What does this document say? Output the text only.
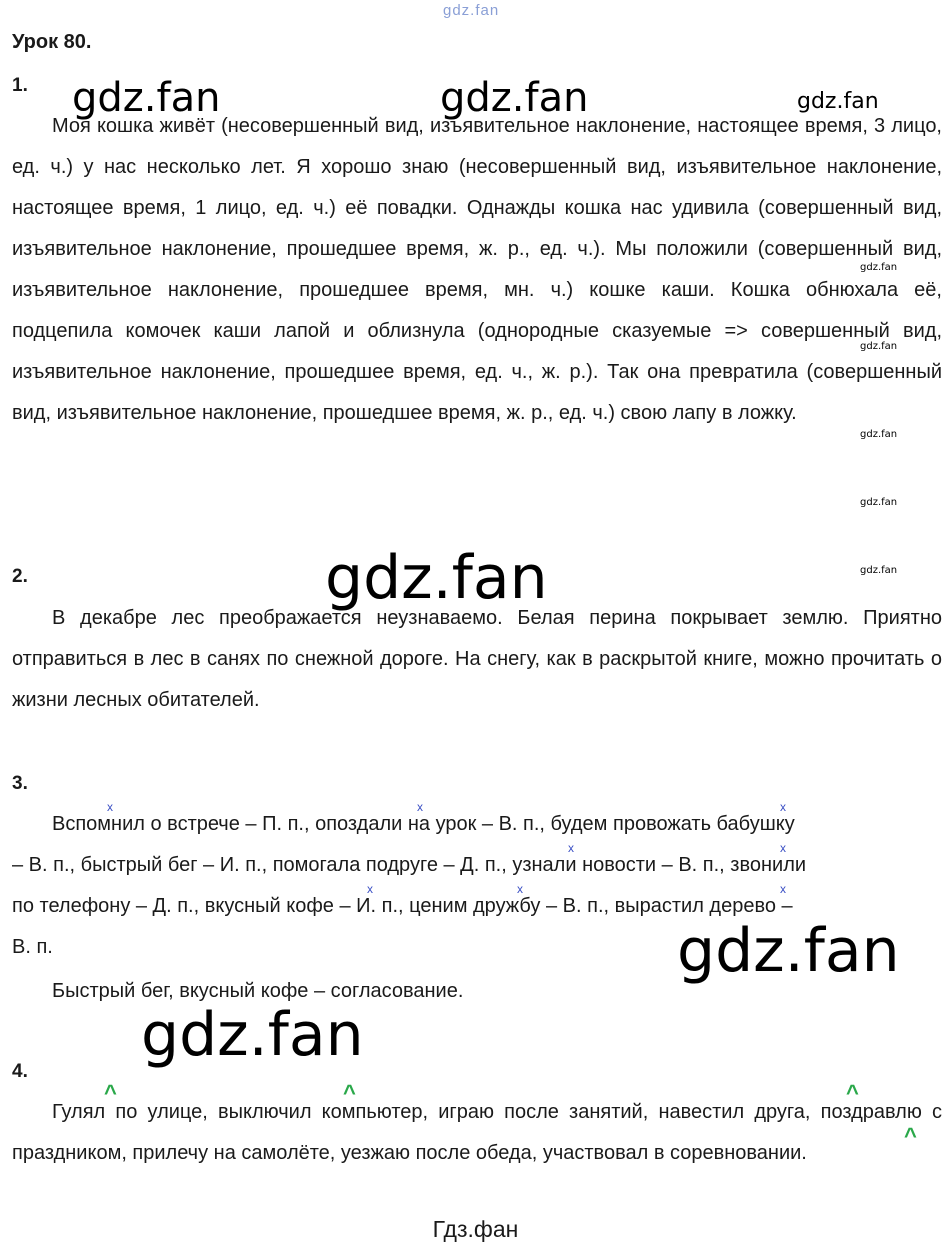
gdz.fan
Урок 80.
1.
Моя кошка живёт (несовершенный вид, изъявительное наклонение, настоящее время, 3 лицо, ед. ч.) у нас несколько лет. Я хорошо знаю (несовершенный вид, изъявительное наклонение, настоящее время, 1 лицо, ед. ч.) её повадки. Однажды кошка нас удивила (совершенный вид, изъявительное наклонение, прошедшее время, ж. р., ед. ч.). Мы положили (совершенный вид, изъявительное наклонение, прошедшее время, мн. ч.) кошке каши. Кошка обнюхала её, подцепила комочек каши лапой и облизнула (однородные сказуемые => совершенный вид, изъявительное наклонение, прошедшее время, ед. ч., ж. р.). Так она превратила (совершенный вид, изъявительное наклонение, прошедшее время, ж. р., ед. ч.) свою лапу в ложку.
2.
В декабре лес преображается неузнаваемо. Белая перина покрывает землю. Приятно отправиться в лес в санях по снежной дороге. На снегу, как в раскрытой книге, можно прочитать о жизни лесных обитателей.
3.
x	x	x
x	x
x	x	x
Вспомнил о встрече – П. п., опоздали на урок – В. п., будем провожать бабушку
– В. п., быстрый бег – И. п., помогала подруге – Д. п., узнали новости – В. п., звонили
по телефону – Д. п., вкусный кофе – И. п., ценим дружбу – В. п., вырастил дерево –
В. п.
Быстрый бег, вкусный кофе – согласование.
4.
^	^	^
^
Гулял по улице, выключил компьютер, играю после занятий, навестил друга, поздравлю с праздником, прилечу на самолёте, уезжаю после обеда, участвовал в соревновании.
gdz.fan	gdz.fan	gdz.fan
gdz.fan
gdz.fan
gdz.fan
gdz.fan
gdz.fan
gdz.fan
gdz.fan
gdz.fan
Гдз.фан
